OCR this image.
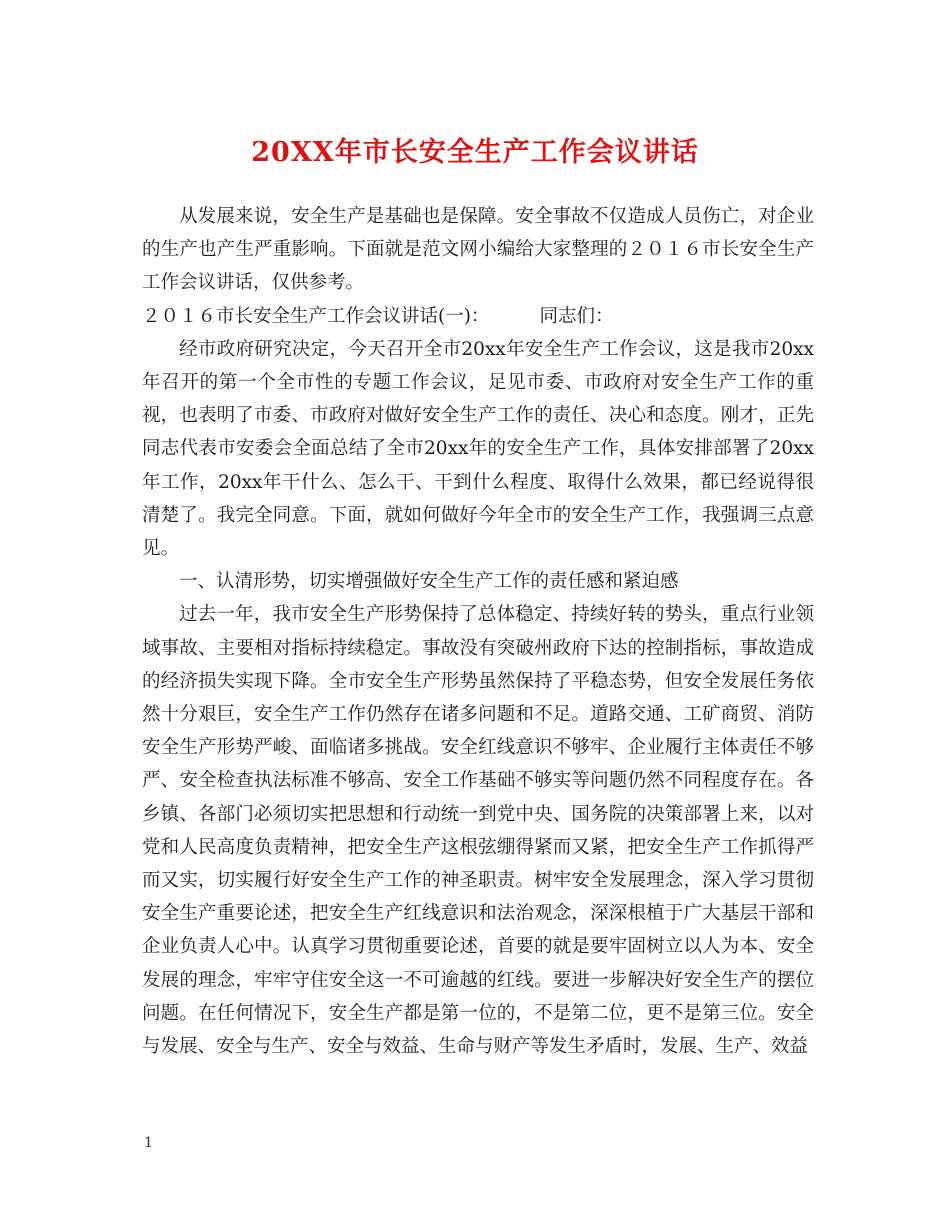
20XX年市长安全生产工作会议讲话

从发展来说，安全生产是基础也是保障。安全事故不仅造成人员伤亡，对企业的生产也产生严重影响。下面就是范文网小编给大家整理的２０１６市长安全生产工作会议讲话，仅供参考。

２０１６市长安全生产工作会议讲话(一)：	同志们：

经市政府研究决定，今天召开全市20xx年安全生产工作会议，这是我市20xx年召开的第一个全市性的专题工作会议，足见市委、市政府对安全生产工作的重视，也表明了市委、市政府对做好安全生产工作的责任、决心和态度。刚才，正先同志代表市安委会全面总结了全市20xx年的安全生产工作，具体安排部署了20xx年工作，20xx年干什么、怎么干、干到什么程度、取得什么效果，都已经说得很清楚了。我完全同意。下面，就如何做好今年全市的安全生产工作，我强调三点意见。

一、认清形势，切实增强做好安全生产工作的责任感和紧迫感

过去一年，我市安全生产形势保持了总体稳定、持续好转的势头，重点行业领域事故、主要相对指标持续稳定。事故没有突破州政府下达的控制指标，事故造成的经济损失实现下降。全市安全生产形势虽然保持了平稳态势，但安全发展任务依然十分艰巨，安全生产工作仍然存在诸多问题和不足。道路交通、工矿商贸、消防安全生产形势严峻、面临诸多挑战。安全红线意识不够牢、企业履行主体责任不够严、安全检查执法标准不够高、安全工作基础不够实等问题仍然不同程度存在。各乡镇、各部门必须切实把思想和行动统一到党中央、国务院的决策部署上来，以对党和人民高度负责精神，把安全生产这根弦绷得紧而又紧，把安全生产工作抓得严而又实，切实履行好安全生产工作的神圣职责。树牢安全发展理念，深入学习贯彻安全生产重要论述，把安全生产红线意识和法治观念，深深根植于广大基层干部和企业负责人心中。认真学习贯彻重要论述，首要的就是要牢固树立以人为本、安全发展的理念，牢牢守住安全这一不可逾越的红线。要进一步解决好安全生产的摆位问题。在任何情况下，安全生产都是第一位的，不是第二位，更不是第三位。安全与发展、安全与生产、安全与效益、生命与财产等发生矛盾时，发展、生产、效益

1
